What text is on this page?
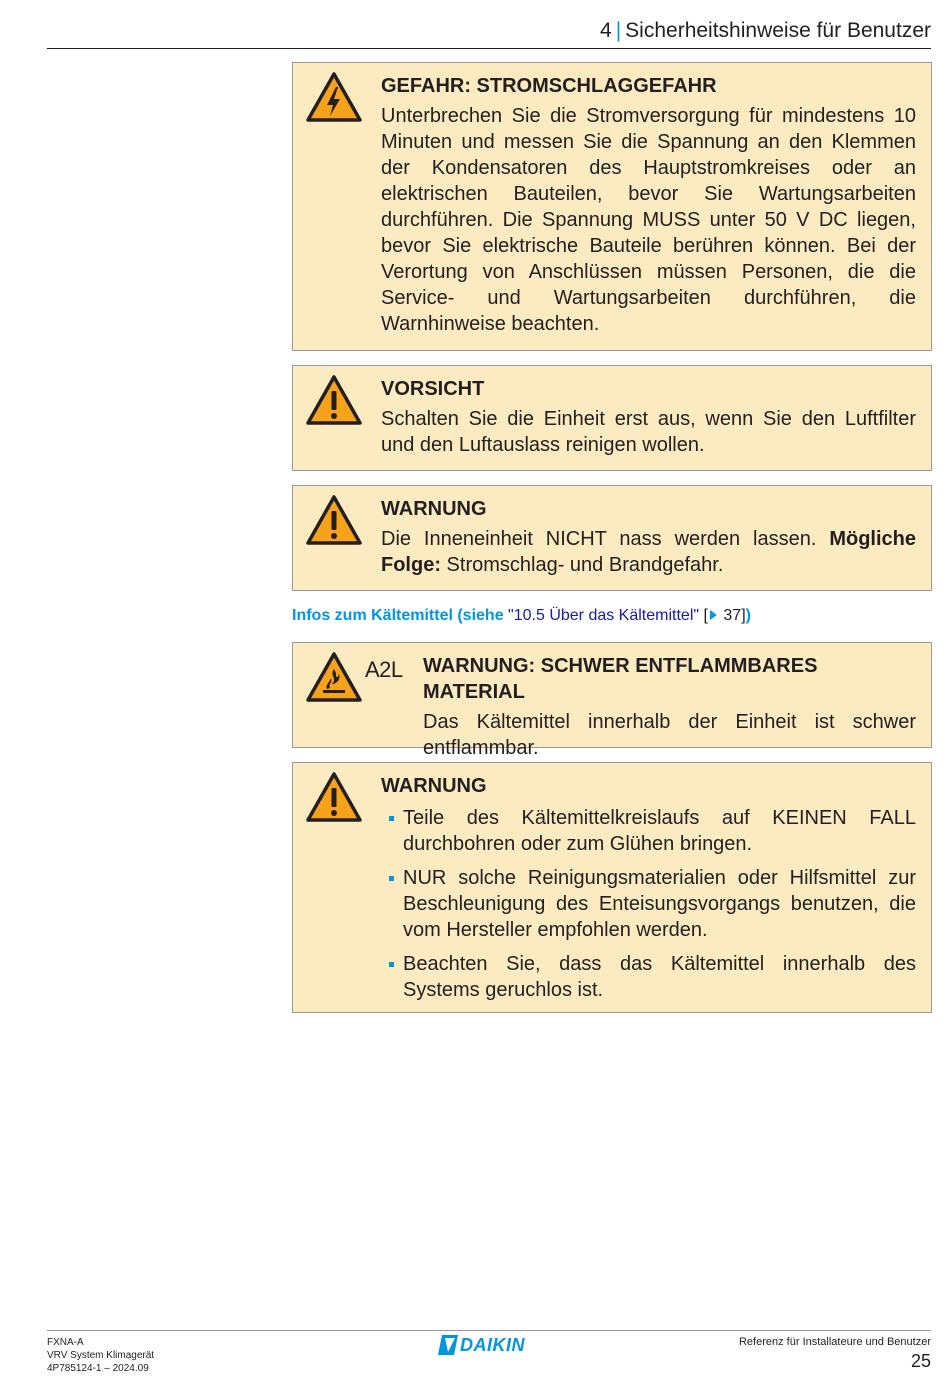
4 | Sicherheitshinweise für Benutzer
GEFAHR: STROMSCHLAGGEFAHR
Unterbrechen Sie die Stromversorgung für mindestens 10 Minuten und messen Sie die Spannung an den Klemmen der Kondensatoren des Hauptstromkreises oder an elektrischen Bauteilen, bevor Sie Wartungsarbeiten durchführen. Die Spannung MUSS unter 50 V DC liegen, bevor Sie elektrische Bauteile berühren können. Bei der Verortung von Anschlüssen müssen Personen, die die Service- und Wartungsarbeiten durchführen, die Warnhinweise beachten.
VORSICHT
Schalten Sie die Einheit erst aus, wenn Sie den Luftfilter und den Luftauslass reinigen wollen.
WARNUNG
Die Inneneinheit NICHT nass werden lassen. Mögliche Folge: Stromschlag- und Brandgefahr.
Infos zum Kältemittel (siehe "10.5 Über das Kältemittel" [ 37])
A2L WARNUNG: SCHWER ENTFLAMMBARES MATERIAL
Das Kältemittel innerhalb der Einheit ist schwer entflammbar.
WARNUNG
Teile des Kältemittelkreislaufs auf KEINEN FALL durchbohren oder zum Glühen bringen.
NUR solche Reinigungsmaterialien oder Hilfsmittel zur Beschleunigung des Enteisungsvorgangs benutzen, die vom Hersteller empfohlen werden.
Beachten Sie, dass das Kältemittel innerhalb des Systems geruchlos ist.
FXNA-A
VRV System Klimagerät
4P785124-1 – 2024.09
DAIKIN	Referenz für Installateure und Benutzer
25
